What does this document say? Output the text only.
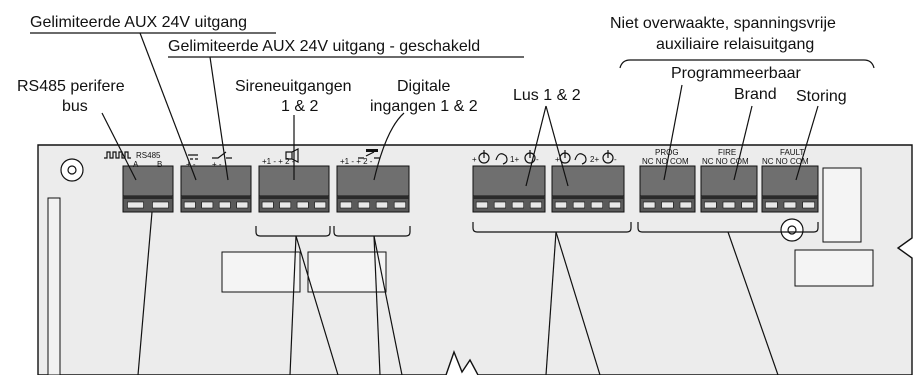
RS485
A B	+ - + -	+1 - + 2 -	+1 - + 2 -	+	1+ - +	2+ -
PROG
NC NO COM
FIRE
NC NO COM
FAULT
NC NO COM
Gelimiteerde AUX 24V uitgang
Gelimiteerde AUX 24V uitgang - geschakeld
Niet overwaakte, spanningsvrije
auxiliaire relaisuitgang
Programmeerbaar
Brand Storing
RS485 perifere
bus
Sireneuitgangen
1 & 2
Digitale
ingangen 1 & 2
Lus 1 & 2
